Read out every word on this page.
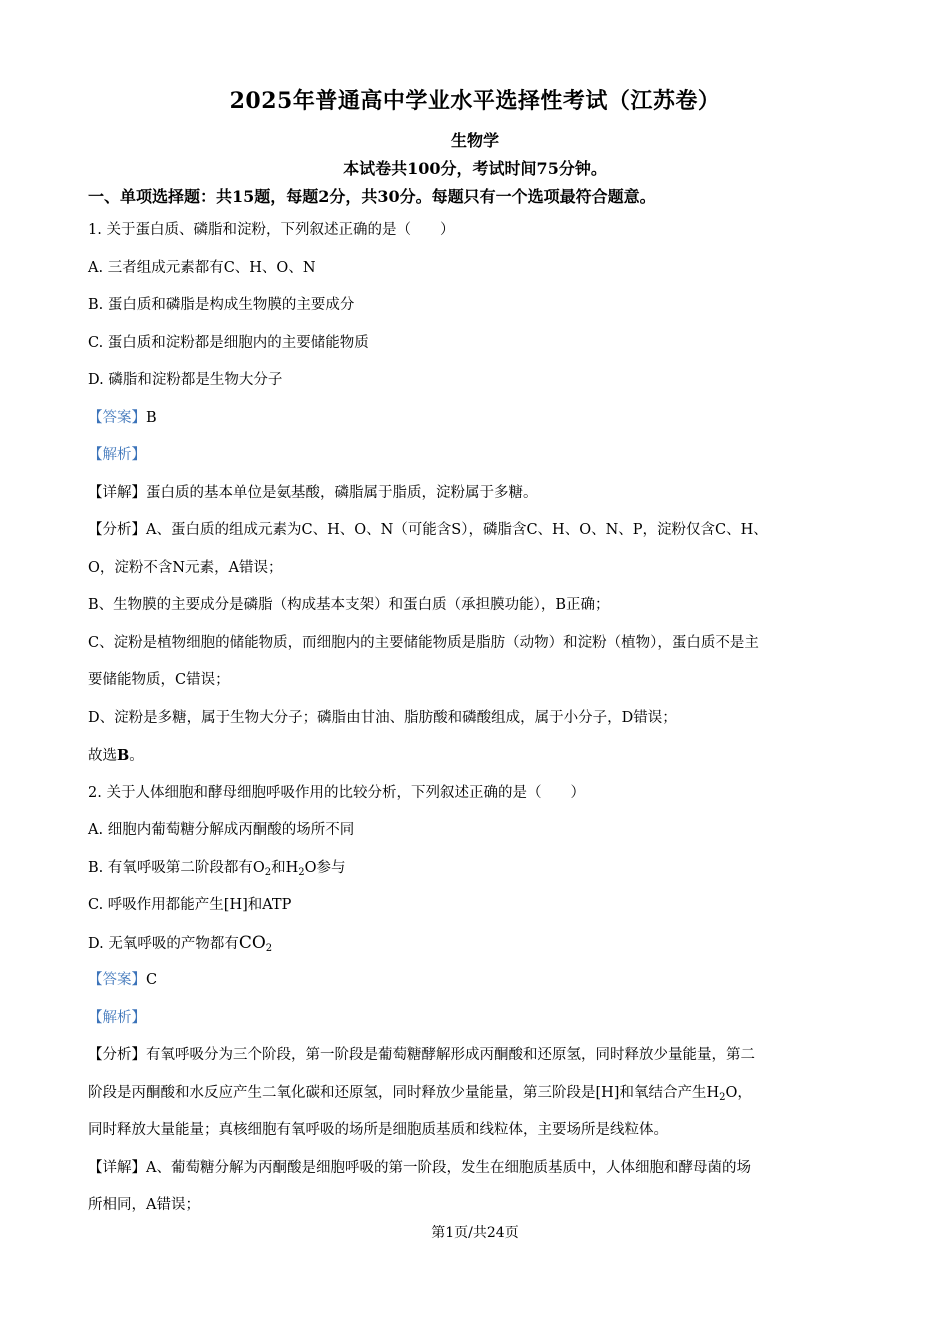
2025年普通高中学业水平选择性考试（江苏卷）
生物学
本试卷共100分，考试时间75分钟。
一、单项选择题：共15题，每题2分，共30分。每题只有一个选项最符合题意。
1. 关于蛋白质、磷脂和淀粉，下列叙述正确的是（　　）
A. 三者组成元素都有C、H、O、N
B. 蛋白质和磷脂是构成生物膜的主要成分
C. 蛋白质和淀粉都是细胞内的主要储能物质
D. 磷脂和淀粉都是生物大分子
【答案】B
【解析】
【详解】蛋白质的基本单位是氨基酸，磷脂属于脂质，淀粉属于多糖。
【分析】A、蛋白质的组成元素为C、H、O、N（可能含S），磷脂含C、H、O、N、P，淀粉仅含C、H、
O，淀粉不含N元素，A错误；
B、生物膜的主要成分是磷脂（构成基本支架）和蛋白质（承担膜功能），B正确；
C、淀粉是植物细胞的储能物质，而细胞内的主要储能物质是脂肪（动物）和淀粉（植物），蛋白质不是主
要储能物质，C错误；
D、淀粉是多糖，属于生物大分子；磷脂由甘油、脂肪酸和磷酸组成，属于小分子，D错误；
故选B。
2. 关于人体细胞和酵母细胞呼吸作用的比较分析，下列叙述正确的是（　　）
A. 细胞内葡萄糖分解成丙酮酸的场所不同
B. 有氧呼吸第二阶段都有$O_2$和$H_2O$参与
C. 呼吸作用都能产生[H]和ATP
D. 无氧呼吸的产物都有$CO_2$
【答案】C
【解析】
【分析】有氧呼吸分为三个阶段，第一阶段是葡萄糖酵解形成丙酮酸和还原氢，同时释放少量能量，第二
阶段是丙酮酸和水反应产生二氧化碳和还原氢，同时释放少量能量，第三阶段是[H]和氧结合产生$H_2O$，
同时释放大量能量；真核细胞有氧呼吸的场所是细胞质基质和线粒体，主要场所是线粒体。
【详解】A、葡萄糖分解为丙酮酸是细胞呼吸的第一阶段，发生在细胞质基质中，人体细胞和酵母菌的场
所相同，A错误；
第1页/共24页
